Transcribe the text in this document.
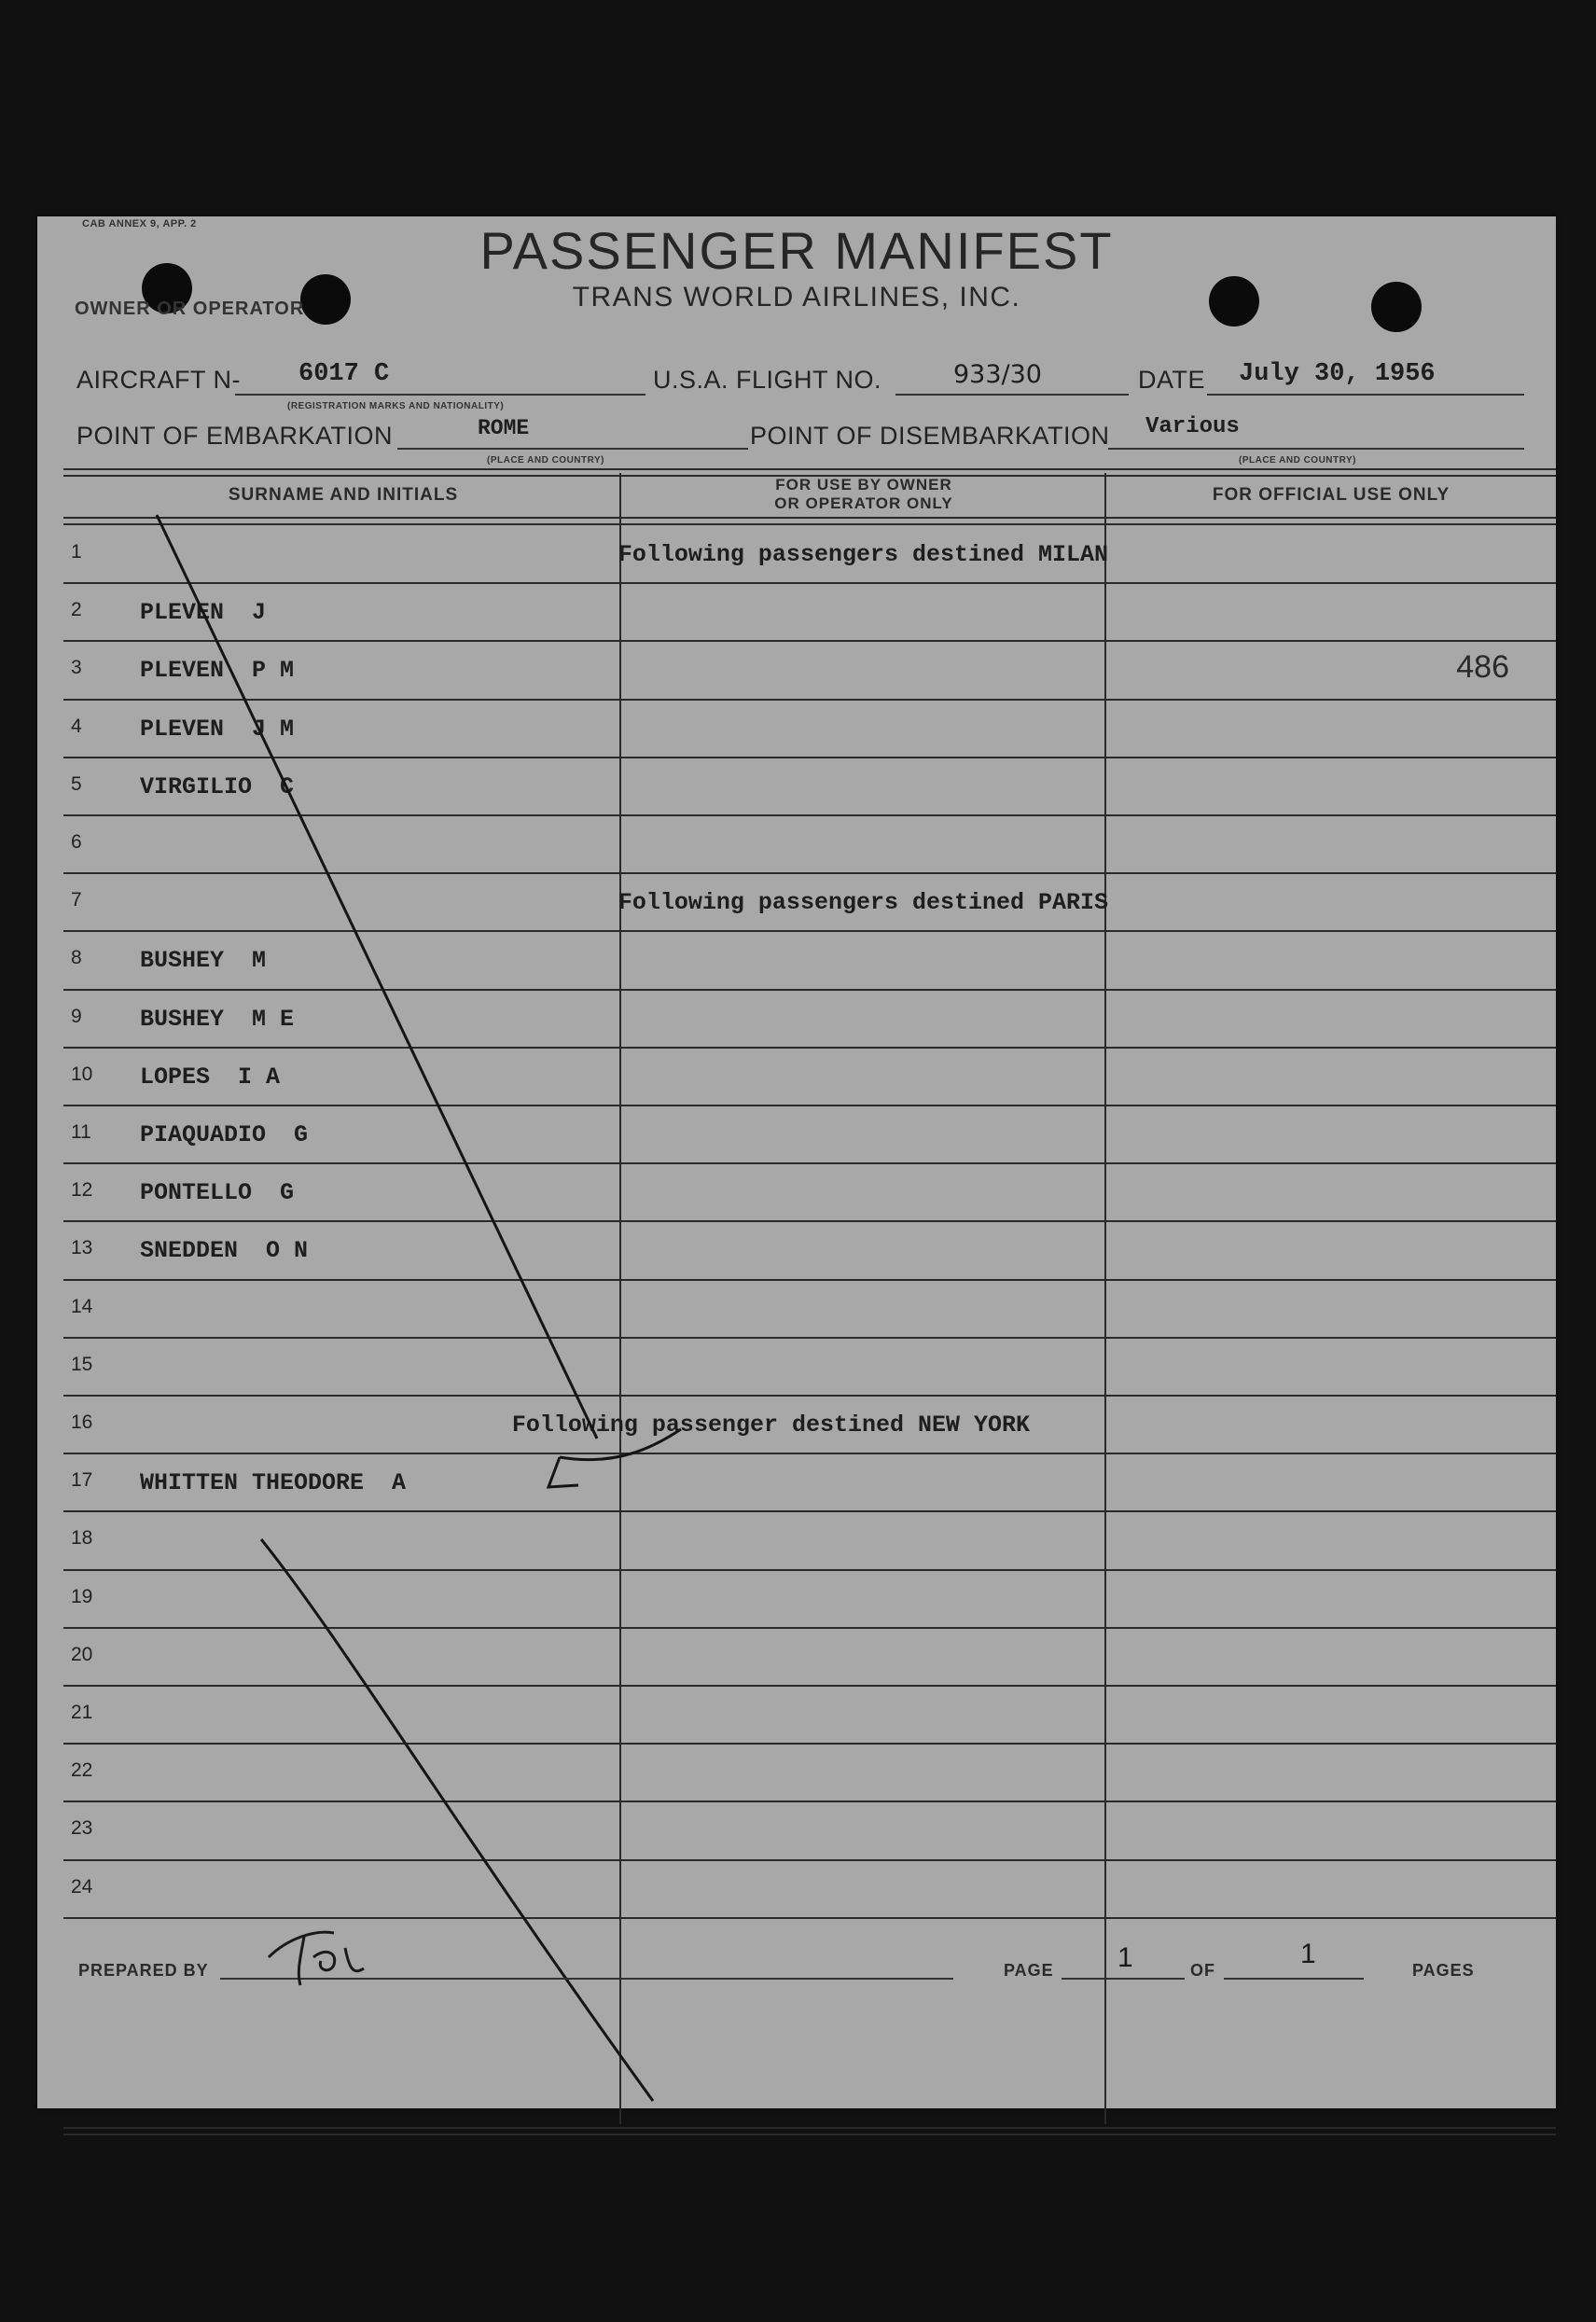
CAB ANNEX 9, APP. 2	PASSENGER MANIFEST
TRANS WORLD AIRLINES, INC.
OWNER OR OPERATOR
AIRCRAFT N- 6017 C
(REGISTRATION MARKS AND NATIONALITY)
U.S.A. FLIGHT NO.	933/30	DATE July 30, 1956
POINT OF EMBARKATION	ROME
(PLACE AND COUNTRY)
POINT OF DISEMBARKATION Various
(PLACE AND COUNTRY)
SURNAME AND INITIALS
FOR USE BY OWNER
OR OPERATOR ONLY	FOR OFFICIAL USE ONLY
1	Following passengers destined MILAN
2 PLEVEN  J
3 PLEVEN  P M	486
4 PLEVEN  J M
5 VIRGILIO  C
6
7	Following passengers destined PARIS
8 BUSHEY  M
9 BUSHEY  M E
10 LOPES  I A
11 PIAQUADIO  G
12 PONTELLO  G
13 SNEDDEN  O N
14
15
16	Following passenger destined NEW YORK
17 WHITTEN THEODORE  A
18
19
20
21
22
23
24
PREPARED BY	PAGE 1	OF
1
PAGES
